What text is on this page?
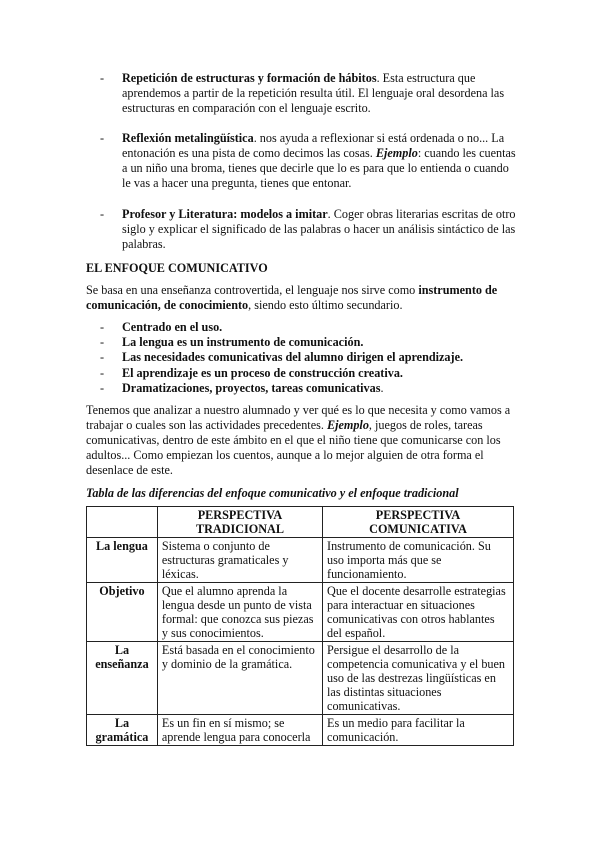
- Repetición de estructuras y formación de hábitos. Esta estructura que aprendemos a partir de la repetición resulta útil. El lenguaje oral desordena las estructuras en comparación con el lenguaje escrito.

- Reflexión metalingüística. nos ayuda a reflexionar si está ordenada o no... La entonación es una pista de como decimos las cosas. Ejemplo: cuando les cuentas a un niño una broma, tienes que decirle que lo es para que lo entienda o cuando le vas a hacer una pregunta, tienes que entonar.

- Profesor y Literatura: modelos a imitar. Coger obras literarias escritas de otro siglo y explicar el significado de las palabras o hacer un análisis sintáctico de las palabras.

EL ENFOQUE COMUNICATIVO

Se basa en una enseñanza controvertida, el lenguaje nos sirve como instrumento de comunicación, de conocimiento, siendo esto último secundario.

- Centrado en el uso.
- La lengua es un instrumento de comunicación.
- Las necesidades comunicativas del alumno dirigen el aprendizaje.
- El aprendizaje es un proceso de construcción creativa.
- Dramatizaciones, proyectos, tareas comunicativas.

Tenemos que analizar a nuestro alumnado y ver qué es lo que necesita y como vamos a trabajar o cuales son las actividades precedentes. Ejemplo, juegos de roles, tareas comunicativas, dentro de este ámbito en el que el niño tiene que comunicarse con los adultos... Como empiezan los cuentos, aunque a lo mejor alguien de otra forma el desenlace de este.

Tabla de las diferencias del enfoque comunicativo y el enfoque tradicional
	PERSPECTIVA TRADICIONAL	PERSPECTIVA COMUNICATIVA
La lengua	Sistema o conjunto de estructuras gramaticales y léxicas.	Instrumento de comunicación. Su uso importa más que se funcionamiento.
Objetivo	Que el alumno aprenda la lengua desde un punto de vista formal: que conozca sus piezas y sus conocimientos.	Que el docente desarrolle estrategias para interactuar en situaciones comunicativas con otros hablantes del español.
La enseñanza	Está basada en el conocimiento y dominio de la gramática.	Persigue el desarrollo de la competencia comunicativa y el buen uso de las destrezas lingüísticas en las distintas situaciones comunicativas.
La gramática	Es un fin en sí mismo; se aprende lengua para conocerla	Es un medio para facilitar la comunicación.
